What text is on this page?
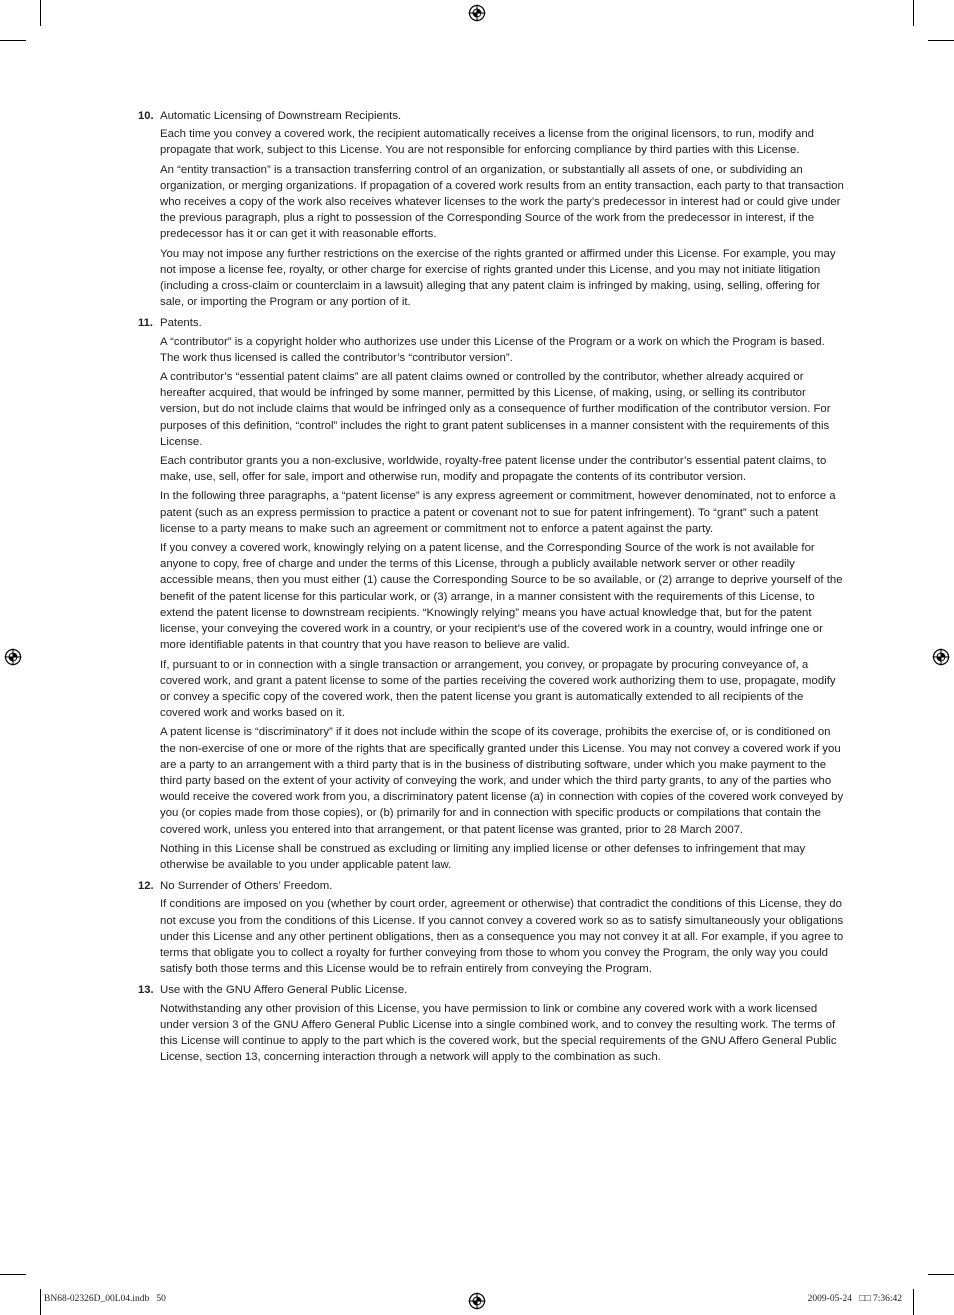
10. Automatic Licensing of Downstream Recipients.

Each time you convey a covered work, the recipient automatically receives a license from the original licensors, to run, modify and propagate that work, subject to this License. You are not responsible for enforcing compliance by third parties with this License.

An “entity transaction” is a transaction transferring control of an organization, or substantially all assets of one, or subdividing an organization, or merging organizations. If propagation of a covered work results from an entity transaction, each party to that transaction who receives a copy of the work also receives whatever licenses to the work the party’s predecessor in interest had or could give under the previous paragraph, plus a right to possession of the Corresponding Source of the work from the predecessor in interest, if the predecessor has it or can get it with reasonable efforts.

You may not impose any further restrictions on the exercise of the rights granted or affirmed under this License. For example, you may not impose a license fee, royalty, or other charge for exercise of rights granted under this License, and you may not initiate litigation (including a cross-claim or counterclaim in a lawsuit) alleging that any patent claim is infringed by making, using, selling, offering for sale, or importing the Program or any portion of it.

11. Patents.

A “contributor” is a copyright holder who authorizes use under this License of the Program or a work on which the Program is based. The work thus licensed is called the contributor’s “contributor version”.

A contributor’s “essential patent claims” are all patent claims owned or controlled by the contributor, whether already acquired or hereafter acquired, that would be infringed by some manner, permitted by this License, of making, using, or selling its contributor version, but do not include claims that would be infringed only as a consequence of further modification of the contributor version. For purposes of this definition, “control” includes the right to grant patent sublicenses in a manner consistent with the requirements of this License.

Each contributor grants you a non-exclusive, worldwide, royalty-free patent license under the contributor’s essential patent claims, to make, use, sell, offer for sale, import and otherwise run, modify and propagate the contents of its contributor version.

In the following three paragraphs, a “patent license” is any express agreement or commitment, however denominated, not to enforce a patent (such as an express permission to practice a patent or covenant not to sue for patent infringement). To “grant” such a patent license to a party means to make such an agreement or commitment not to enforce a patent against the party.

If you convey a covered work, knowingly relying on a patent license, and the Corresponding Source of the work is not available for anyone to copy, free of charge and under the terms of this License, through a publicly available network server or other readily accessible means, then you must either (1) cause the Corresponding Source to be so available, or (2) arrange to deprive yourself of the benefit of the patent license for this particular work, or (3) arrange, in a manner consistent with the requirements of this License, to extend the patent license to downstream recipients. “Knowingly relying” means you have actual knowledge that, but for the patent license, your conveying the covered work in a country, or your recipient’s use of the covered work in a country, would infringe one or more identifiable patents in that country that you have reason to believe are valid.

If, pursuant to or in connection with a single transaction or arrangement, you convey, or propagate by procuring conveyance of, a covered work, and grant a patent license to some of the parties receiving the covered work authorizing them to use, propagate, modify or convey a specific copy of the covered work, then the patent license you grant is automatically extended to all recipients of the covered work and works based on it.

A patent license is “discriminatory” if it does not include within the scope of its coverage, prohibits the exercise of, or is conditioned on the non-exercise of one or more of the rights that are specifically granted under this License. You may not convey a covered work if you are a party to an arrangement with a third party that is in the business of distributing software, under which you make payment to the third party based on the extent of your activity of conveying the work, and under which the third party grants, to any of the parties who would receive the covered work from you, a discriminatory patent license (a) in connection with copies of the covered work conveyed by you (or copies made from those copies), or (b) primarily for and in connection with specific products or compilations that contain the covered work, unless you entered into that arrangement, or that patent license was granted, prior to 28 March 2007.

Nothing in this License shall be construed as excluding or limiting any implied license or other defenses to infringement that may otherwise be available to you under applicable patent law.

12. No Surrender of Others’ Freedom.

If conditions are imposed on you (whether by court order, agreement or otherwise) that contradict the conditions of this License, they do not excuse you from the conditions of this License. If you cannot convey a covered work so as to satisfy simultaneously your obligations under this License and any other pertinent obligations, then as a consequence you may not convey it at all. For example, if you agree to terms that obligate you to collect a royalty for further conveying from those to whom you convey the Program, the only way you could satisfy both those terms and this License would be to refrain entirely from conveying the Program.

13. Use with the GNU Affero General Public License.

Notwithstanding any other provision of this License, you have permission to link or combine any covered work with a work licensed under version 3 of the GNU Affero General Public License into a single combined work, and to convey the resulting work. The terms of this License will continue to apply to the part which is the covered work, but the special requirements of the GNU Affero General Public License, section 13, concerning interaction through a network will apply to the combination as such.

BN68-02326D_00L04.indb   50	2009-05-24   □□ 7:36:42
